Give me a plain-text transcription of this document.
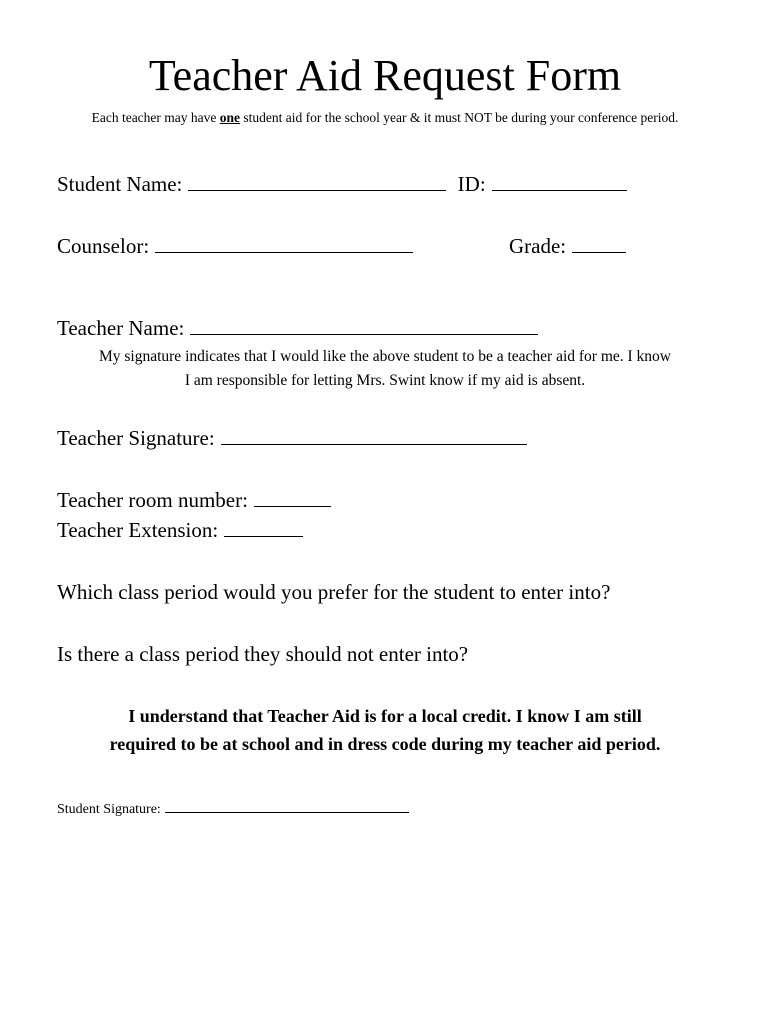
Teacher Aid Request Form
Each teacher may have one student aid for the school year & it must NOT be during your conference period.
Student Name:	ID:
Counselor:	Grade:
Teacher Name:
My signature indicates that I would like the above student to be a teacher aid for me. I know
I am responsible for letting Mrs. Swint know if my aid is absent.
Teacher Signature:
Teacher room number:
Teacher Extension:
Which class period would you prefer for the student to enter into?
Is there a class period they should not enter into?
I understand that Teacher Aid is for a local credit. I know I am still
required to be at school and in dress code during my teacher aid period.
Student Signature:
